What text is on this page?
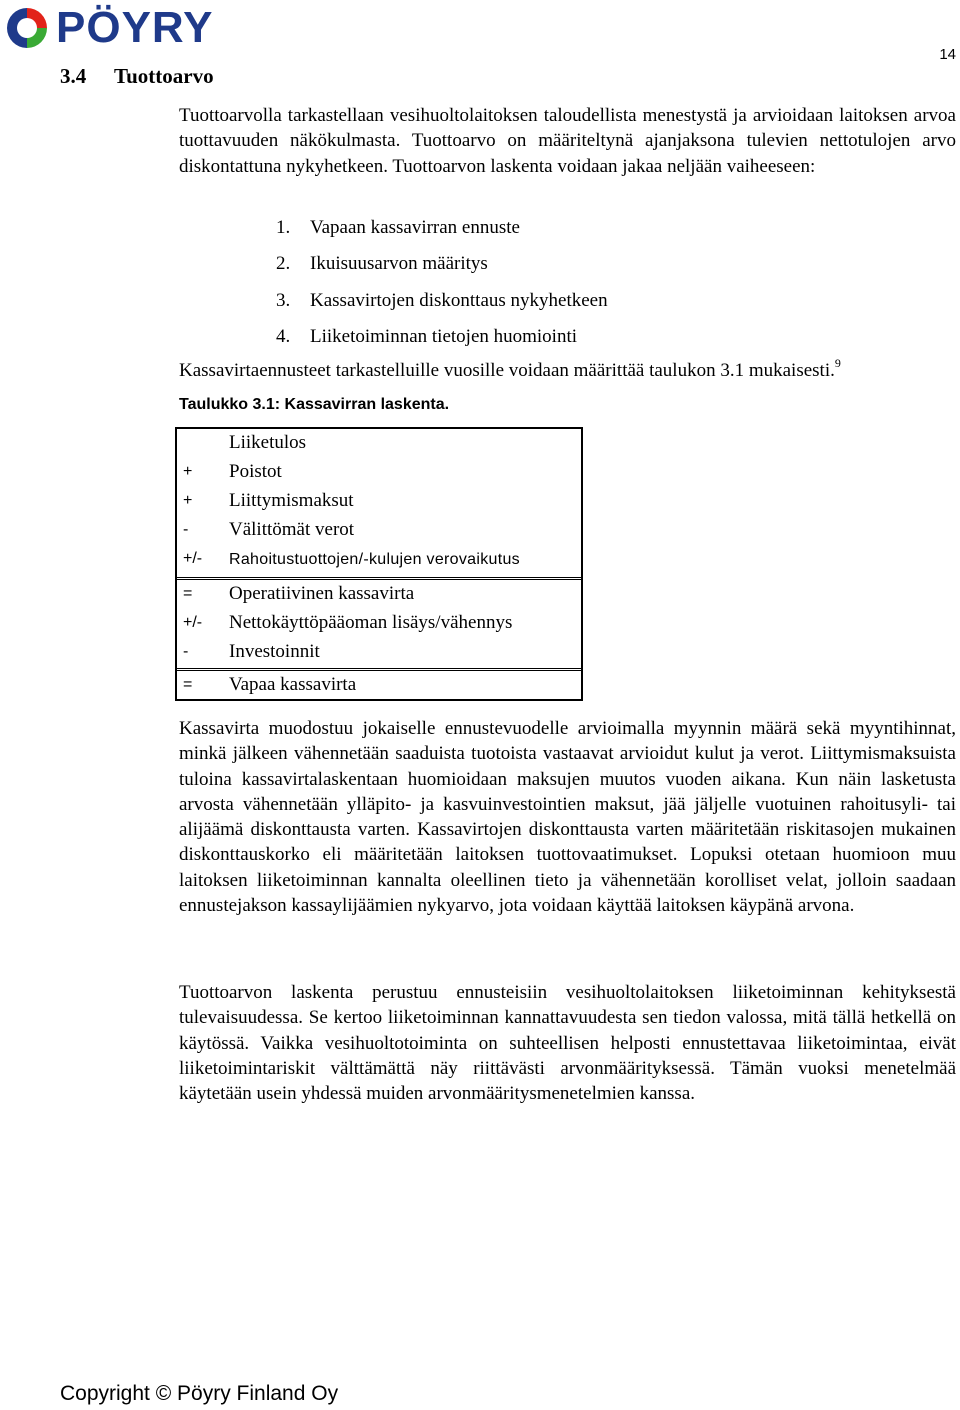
PÖYRY
14
3.4 Tuottoarvo
Tuottoarvolla tarkastellaan vesihuoltolaitoksen taloudellista menestystä ja arvioidaan laitoksen arvoa tuottavuuden näkökulmasta. Tuottoarvo on määriteltynä ajanjaksona tulevien nettotulojen arvo diskontattuna nykyhetkeen. Tuottoarvon laskenta voidaan jakaa neljään vaiheeseen:
1. Vapaan kassavirran ennuste
2. Ikuisuusarvon määritys
3. Kassavirtojen diskonttaus nykyhetkeen
4. Liiketoiminnan tietojen huomiointi
Kassavirtaennusteet tarkastelluille vuosille voidaan määrittää taulukon 3.1 mukaisesti.$^9$
Taulukko 3.1: Kassavirran laskenta.
Liiketulos
+ Poistot
+ Liittymismaksut
- Välittömät verot
+/- Rahoitustuottojen/-kulujen verovaikutus
= Operatiivinen kassavirta
+/- Nettokäyttöpääoman lisäys/vähennys
- Investoinnit
= Vapaa kassavirta
Kassavirta muodostuu jokaiselle ennustevuodelle arvioimalla myynnin määrä sekä myyntihinnat, minkä jälkeen vähennetään saaduista tuotoista vastaavat arvioidut kulut ja verot. Liittymismaksuista tuloina kassavirtalaskentaan huomioidaan maksujen muutos vuoden aikana. Kun näin lasketusta arvosta vähennetään ylläpito- ja kasvuinvestointien maksut, jää jäljelle vuotuinen rahoitusyli- tai alijäämä diskonttausta varten. Kassavirtojen diskonttausta varten määritetään riskitasojen mukainen diskonttauskorko eli määritetään laitoksen tuottovaatimukset. Lopuksi otetaan huomioon muu laitoksen liiketoiminnan kannalta oleellinen tieto ja vähennetään korolliset velat, jolloin saadaan ennustejakson kassaylijäämien nykyarvo, jota voidaan käyttää laitoksen käypänä arvona.
Tuottoarvon laskenta perustuu ennusteisiin vesihuoltolaitoksen liiketoiminnan kehityksestä tulevaisuudessa. Se kertoo liiketoiminnan kannattavuudesta sen tiedon valossa, mitä tällä hetkellä on käytössä. Vaikka vesihuoltotoiminta on suhteellisen helposti ennustettavaa liiketoimintaa, eivät liiketoimintariskit välttämättä näy riittävästi arvonmäärityksessä. Tämän vuoksi menetelmää käytetään usein yhdessä muiden arvonmääritysmenetelmien kanssa.
Copyright © Pöyry Finland Oy
